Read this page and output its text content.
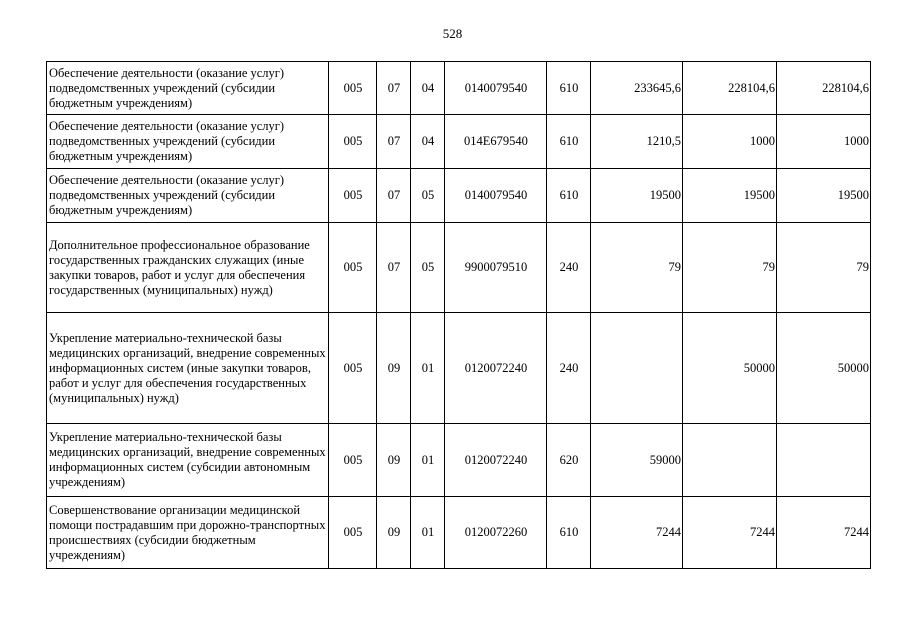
528
Обеспечение деятельности (оказание услуг) подведомственных учреждений (субсидии бюджетным учреждениям)	005	07	04	0140079540	610	233645,6	228104,6	228104,6
Обеспечение деятельности (оказание услуг) подведомственных учреждений (субсидии бюджетным учреждениям)	005	07	04	014E679540	610	1210,5	1000	1000
Обеспечение деятельности (оказание услуг) подведомственных учреждений (субсидии бюджетным учреждениям)	005	07	05	0140079540	610	19500	19500	19500
Дополнительное профессиональное образование государственных гражданских служащих (иные закупки товаров, работ и услуг для обеспечения государственных (муниципальных) нужд)	005	07	05	9900079510	240	79	79	79
Укрепление материально-технической базы медицинских организаций, внедрение современных информационных систем (иные закупки товаров, работ и услуг для обеспечения государственных (муниципальных) нужд)	005	09	01	0120072240	240		50000	50000
Укрепление материально-технической базы медицинских организаций, внедрение современных информационных систем (субсидии автономным учреждениям)	005	09	01	0120072240	620	59000		
Совершенствование организации медицинской помощи пострадавшим при дорожно-транспортных происшествиях (субсидии бюджетным учреждениям)	005	09	01	0120072260	610	7244	7244	7244
